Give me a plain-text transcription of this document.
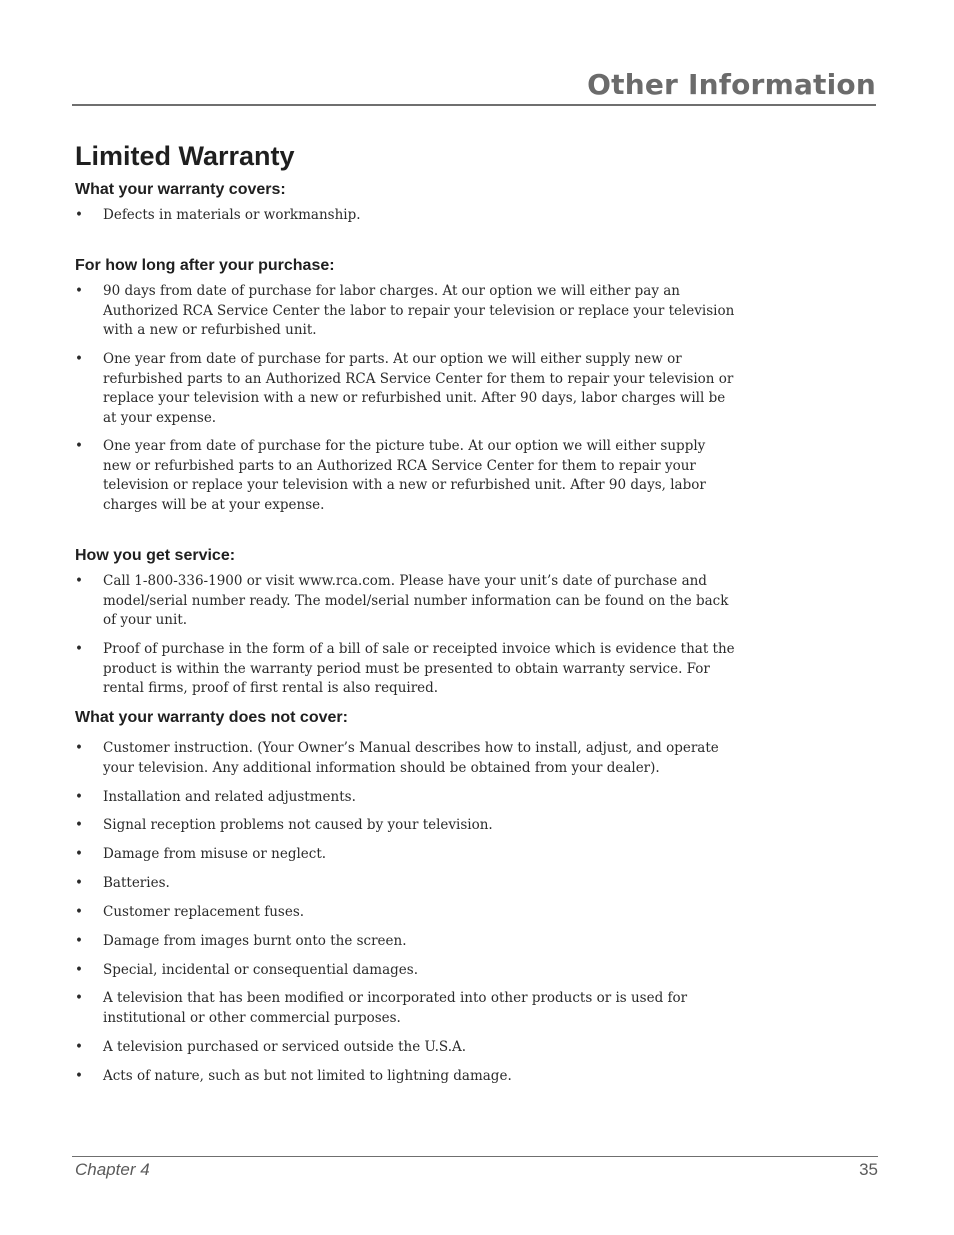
Other Information
Limited Warranty
What your warranty covers:
• Defects in materials or workmanship.
For how long after your purchase:
• 90 days from date of purchase for labor charges. At our option we will either pay an Authorized RCA Service Center the labor to repair your television or replace your television with a new or refurbished unit.
• One year from date of purchase for parts. At our option we will either supply new or refurbished parts to an Authorized RCA Service Center for them to repair your television or replace your television with a new or refurbished unit. After 90 days, labor charges will be at your expense.
• One year from date of purchase for the picture tube. At our option we will either supply new or refurbished parts to an Authorized RCA Service Center for them to repair your television or replace your television with a new or refurbished unit. After 90 days, labor charges will be at your expense.
How you get service:
• Call 1-800-336-1900 or visit www.rca.com. Please have your unit’s date of purchase and model/serial number ready. The model/serial number information can be found on the back of your unit.
• Proof of purchase in the form of a bill of sale or receipted invoice which is evidence that the product is within the warranty period must be presented to obtain warranty service. For rental firms, proof of first rental is also required.
What your warranty does not cover:
• Customer instruction. (Your Owner’s Manual describes how to install, adjust, and operate your television. Any additional information should be obtained from your dealer).
• Installation and related adjustments.
• Signal reception problems not caused by your television.
• Damage from misuse or neglect.
• Batteries.
• Customer replacement fuses.
• Damage from images burnt onto the screen.
• Special, incidental or consequential damages.
• A television that has been modified or incorporated into other products or is used for institutional or other commercial purposes.
• A television purchased or serviced outside the U.S.A.
• Acts of nature, such as but not limited to lightning damage.
Chapter 4	35
